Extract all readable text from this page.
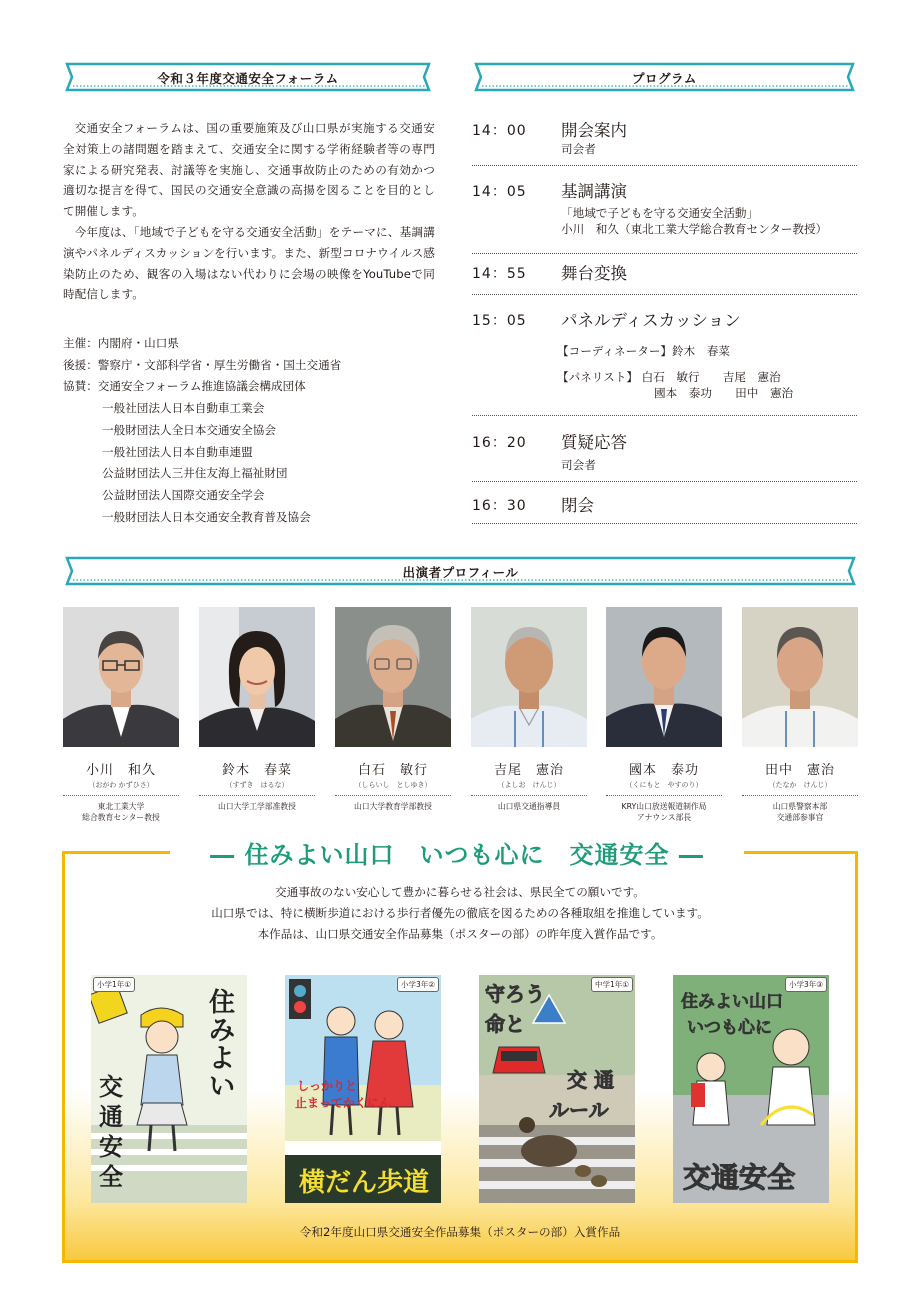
令和３年度交通安全フォーラム

交通安全フォーラムは、国の重要施策及び山口県が実施する交通安全対策上の諸問題を踏まえて、交通安全に関する学術経験者等の専門家による研究発表、討議等を実施し、交通事故防止のための有効かつ適切な提言を得て、国民の交通安全意識の高揚を図ることを目的として開催します。

今年度は、「地域で子どもを守る交通安全活動」をテーマに、基調講演やパネルディスカッションを行います。また、新型コロナウイルス感染防止のため、観客の入場はない代わりに会場の映像をYouTubeで同時配信します。

主催：内閣府・山口県
後援：警察庁・文部科学省・厚生労働省・国土交通省
協賛：交通安全フォーラム推進協議会構成団体
一般社団法人日本自動車工業会
一般財団法人全日本交通安全協会
一般社団法人日本自動車連盟
公益財団法人三井住友海上福祉財団
公益財団法人国際交通安全学会
一般財団法人日本交通安全教育普及協会
プログラム
14：00 開会案内
司会者
14：05 基調講演
「地域で子どもを守る交通安全活動」
小川　和久（東北工業大学総合教育センター教授）
14：55 舞台変換
15：05 パネルディスカッション
【コーディネーター】鈴木　春菜
【パネリスト】 白石　敏行　　吉尾　憲治
國本　泰功　　田中　憲治
16：20 質疑応答
司会者
16：30 閉会
出演者プロフィール
小川　和久
（おがわ かずひさ）
東北工業大学
総合教育センター教授
鈴木　春菜
（すずき　はるな）
山口大学工学部准教授
白石　敏行
（しらいし　としゆき）
山口大学教育学部教授
吉尾　憲治
（よしお　けんじ）
山口県交通指導員
國本　泰功
（くにもと　やすのり）
KRY山口放送報道制作局
アナウンス部長
田中　憲治
（たなか　けんじ）
山口県警察本部
交通部参事官
― 住みよい山口　いつも心に　交通安全 ―
交通事故のない安心して豊かに暮らせる社会は、県民全ての願いです。
山口県では、特に横断歩道における歩行者優先の徹底を図るための各種取組を推進しています。
本作品は、山口県交通安全作品募集（ポスターの部）の昨年度入賞作品です。
住
み
よ
い
交
通
安
全
小学1年①
しっかりと
止まってかくにん
横だん歩道
小学3年②	守ろう
命と
交 通
ルール
中学1年①
住みよい山口
いつも心に
交通安全
小学3年③
令和2年度山口県交通安全作品募集（ポスターの部）入賞作品
